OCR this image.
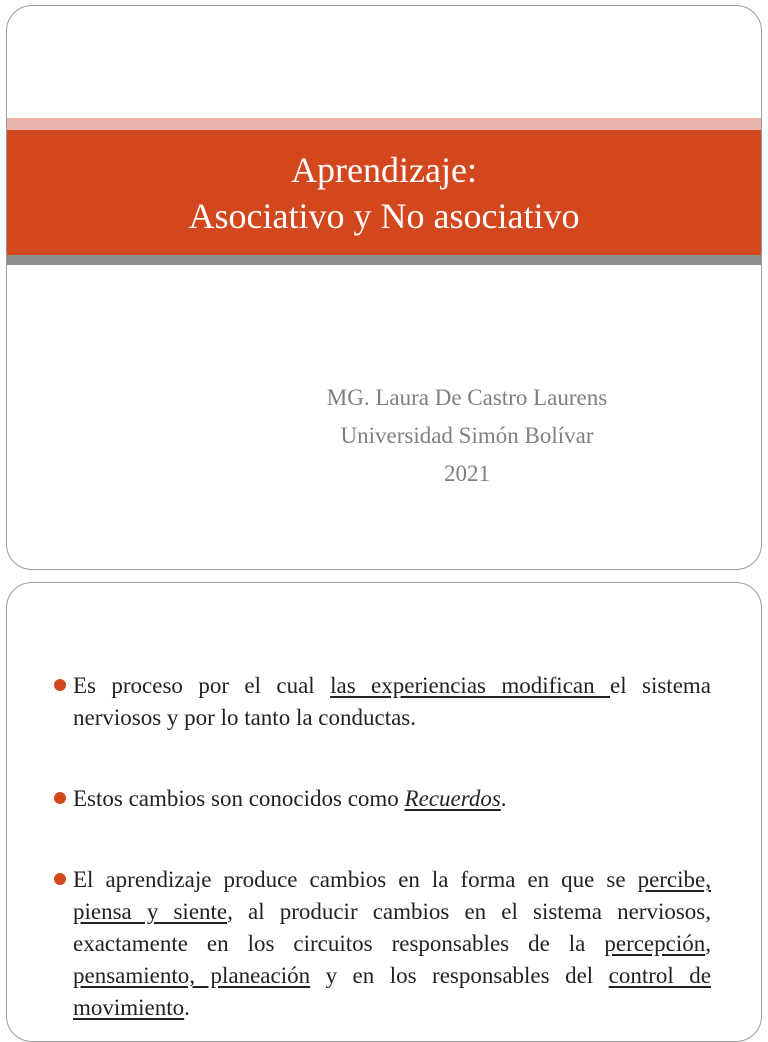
Aprendizaje:
Asociativo y No asociativo
MG. Laura De Castro Laurens
Universidad Simón Bolívar
2021
Es proceso por el cual las experiencias modifican el sistema nerviosos y por lo tanto la conductas.
Estos cambios son conocidos como Recuerdos.
El aprendizaje produce cambios en la forma en que se percibe, piensa y siente, al producir cambios en el sistema nerviosos, exactamente en los circuitos responsables de la percepción, pensamiento, planeación y en los responsables del control de movimiento.
